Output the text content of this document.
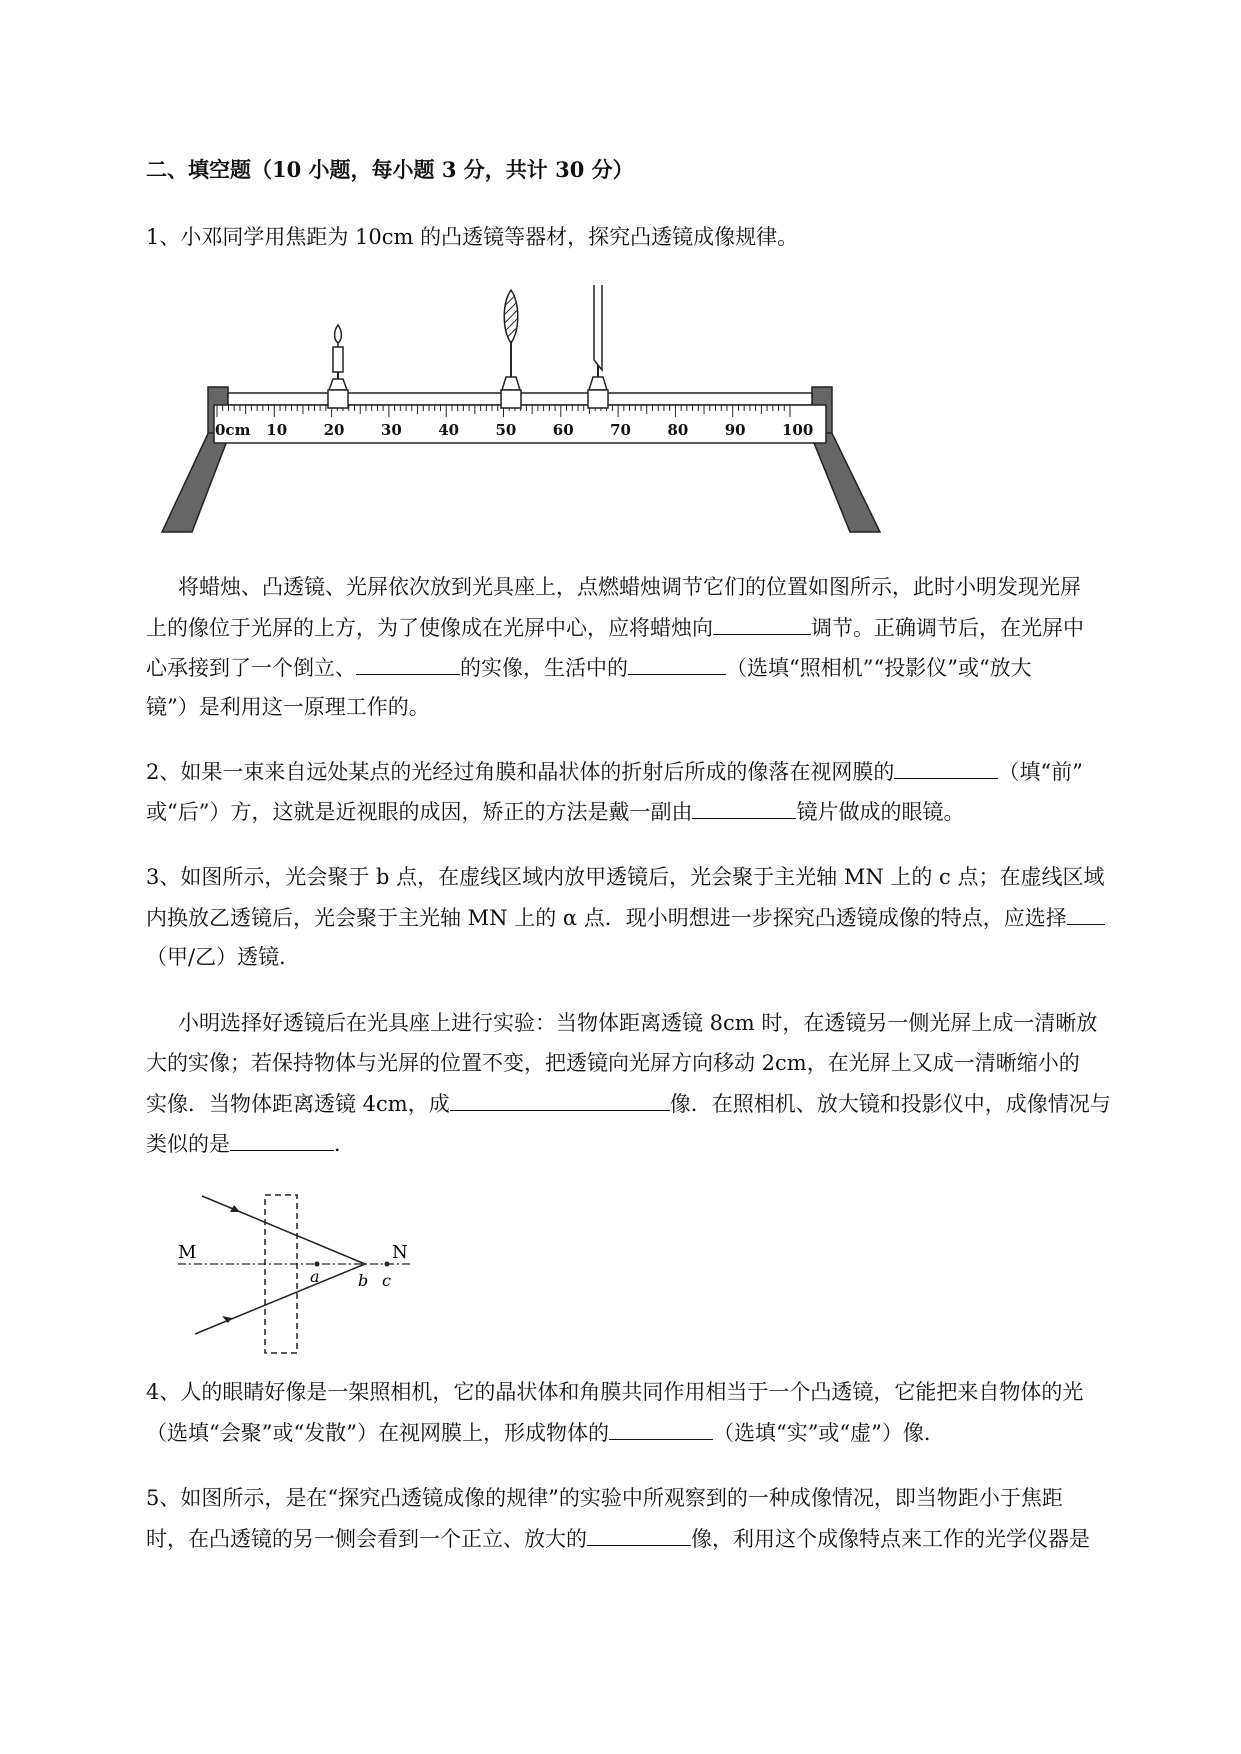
二、填空题（10 小题，每小题 3 分，共计 30 分）
1、小邓同学用焦距为 10cm 的凸透镜等器材，探究凸透镜成像规律。
0cm 10 20 30 40 50 60 70 80 90 100
将蜡烛、凸透镜、光屏依次放到光具座上，点燃蜡烛调节它们的位置如图所示，此时小明发现光屏
上的像位于光屏的上方，为了使像成在光屏中心，应将蜡烛向	调节。正确调节后，在光屏中
心承接到了一个倒立、	的实像，生活中的	（选填“照相机”“投影仪”或“放大
镜”）是利用这一原理工作的。
2、如果一束来自远处某点的光经过角膜和晶状体的折射后所成的像落在视网膜的	（填“前”
或“后”）方，这就是近视眼的成因，矫正的方法是戴一副由	镜片做成的眼镜。
3、如图所示，光会聚于 b 点，在虚线区域内放甲透镜后，光会聚于主光轴 MN 上的 c 点；在虚线区域
内换放乙透镜后，光会聚于主光轴 MN 上的 α 点．现小明想进一步探究凸透镜成像的特点，应选择
（甲/乙）透镜．
小明选择好透镜后在光具座上进行实验：当物体距离透镜 8cm 时，在透镜另一侧光屏上成一清晰放
大的实像；若保持物体与光屏的位置不变，把透镜向光屏方向移动 2cm，在光屏上又成一清晰缩小的
实像．当物体距离透镜 4cm，成	像．在照相机、放大镜和投影仪中，成像情况与
类似的是	．
M	N
a b c
4、人的眼睛好像是一架照相机，它的晶状体和角膜共同作用相当于一个凸透镜，它能把来自物体的光
（选填“会聚”或“发散”）在视网膜上，形成物体的	（选填“实”或“虚”）像．
5、如图所示，是在“探究凸透镜成像的规律”的实验中所观察到的一种成像情况，即当物距小于焦距
时，在凸透镜的另一侧会看到一个正立、放大的	像，利用这个成像特点来工作的光学仪器是
